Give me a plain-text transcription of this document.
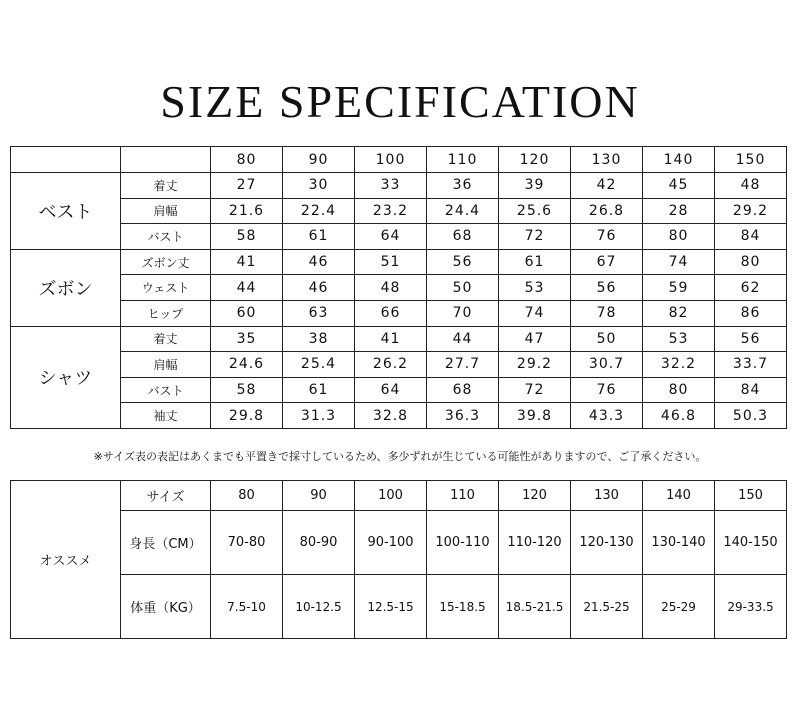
SIZE SPECIFICATION
		80	90	100	110	120	130	140	150
ベスト	着丈	27	30	33	36	39	42	45	48
	肩幅	21.6	22.4	23.2	24.4	25.6	26.8	28	29.2
	バスト	58	61	64	68	72	76	80	84
ズボン	ズボン丈	41	46	51	56	61	67	74	80
	ウェスト	44	46	48	50	53	56	59	62
	ヒップ	60	63	66	70	74	78	82	86
シャツ	着丈	35	38	41	44	47	50	53	56
	肩幅	24.6	25.4	26.2	27.7	29.2	30.7	32.2	33.7
	バスト	58	61	64	68	72	76	80	84
	袖丈	29.8	31.3	32.8	36.3	39.8	43.3	46.8	50.3
※サイズ表の表記はあくまでも平置きで採寸しているため、多少ずれが生じている可能性がありますので、ご了承ください。
オススメ	サイズ	80	90	100	110	120	130	140	150
	身長（CM）	70-80	80-90	90-100	100-110	110-120	120-130	130-140	140-150
	体重（KG）	7.5-10	10-12.5	12.5-15	15-18.5	18.5-21.5	21.5-25	25-29	29-33.5
